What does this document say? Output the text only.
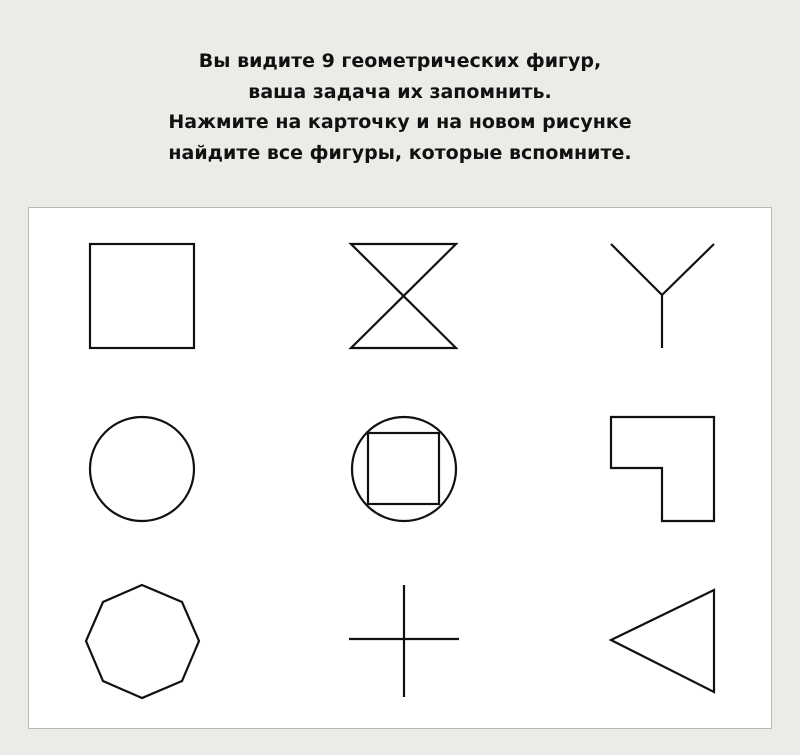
Вы видите 9 геометрических фигур,
ваша задача их запомнить.
Нажмите на карточку и на новом рисунке
найдите все фигуры, которые вспомните.
